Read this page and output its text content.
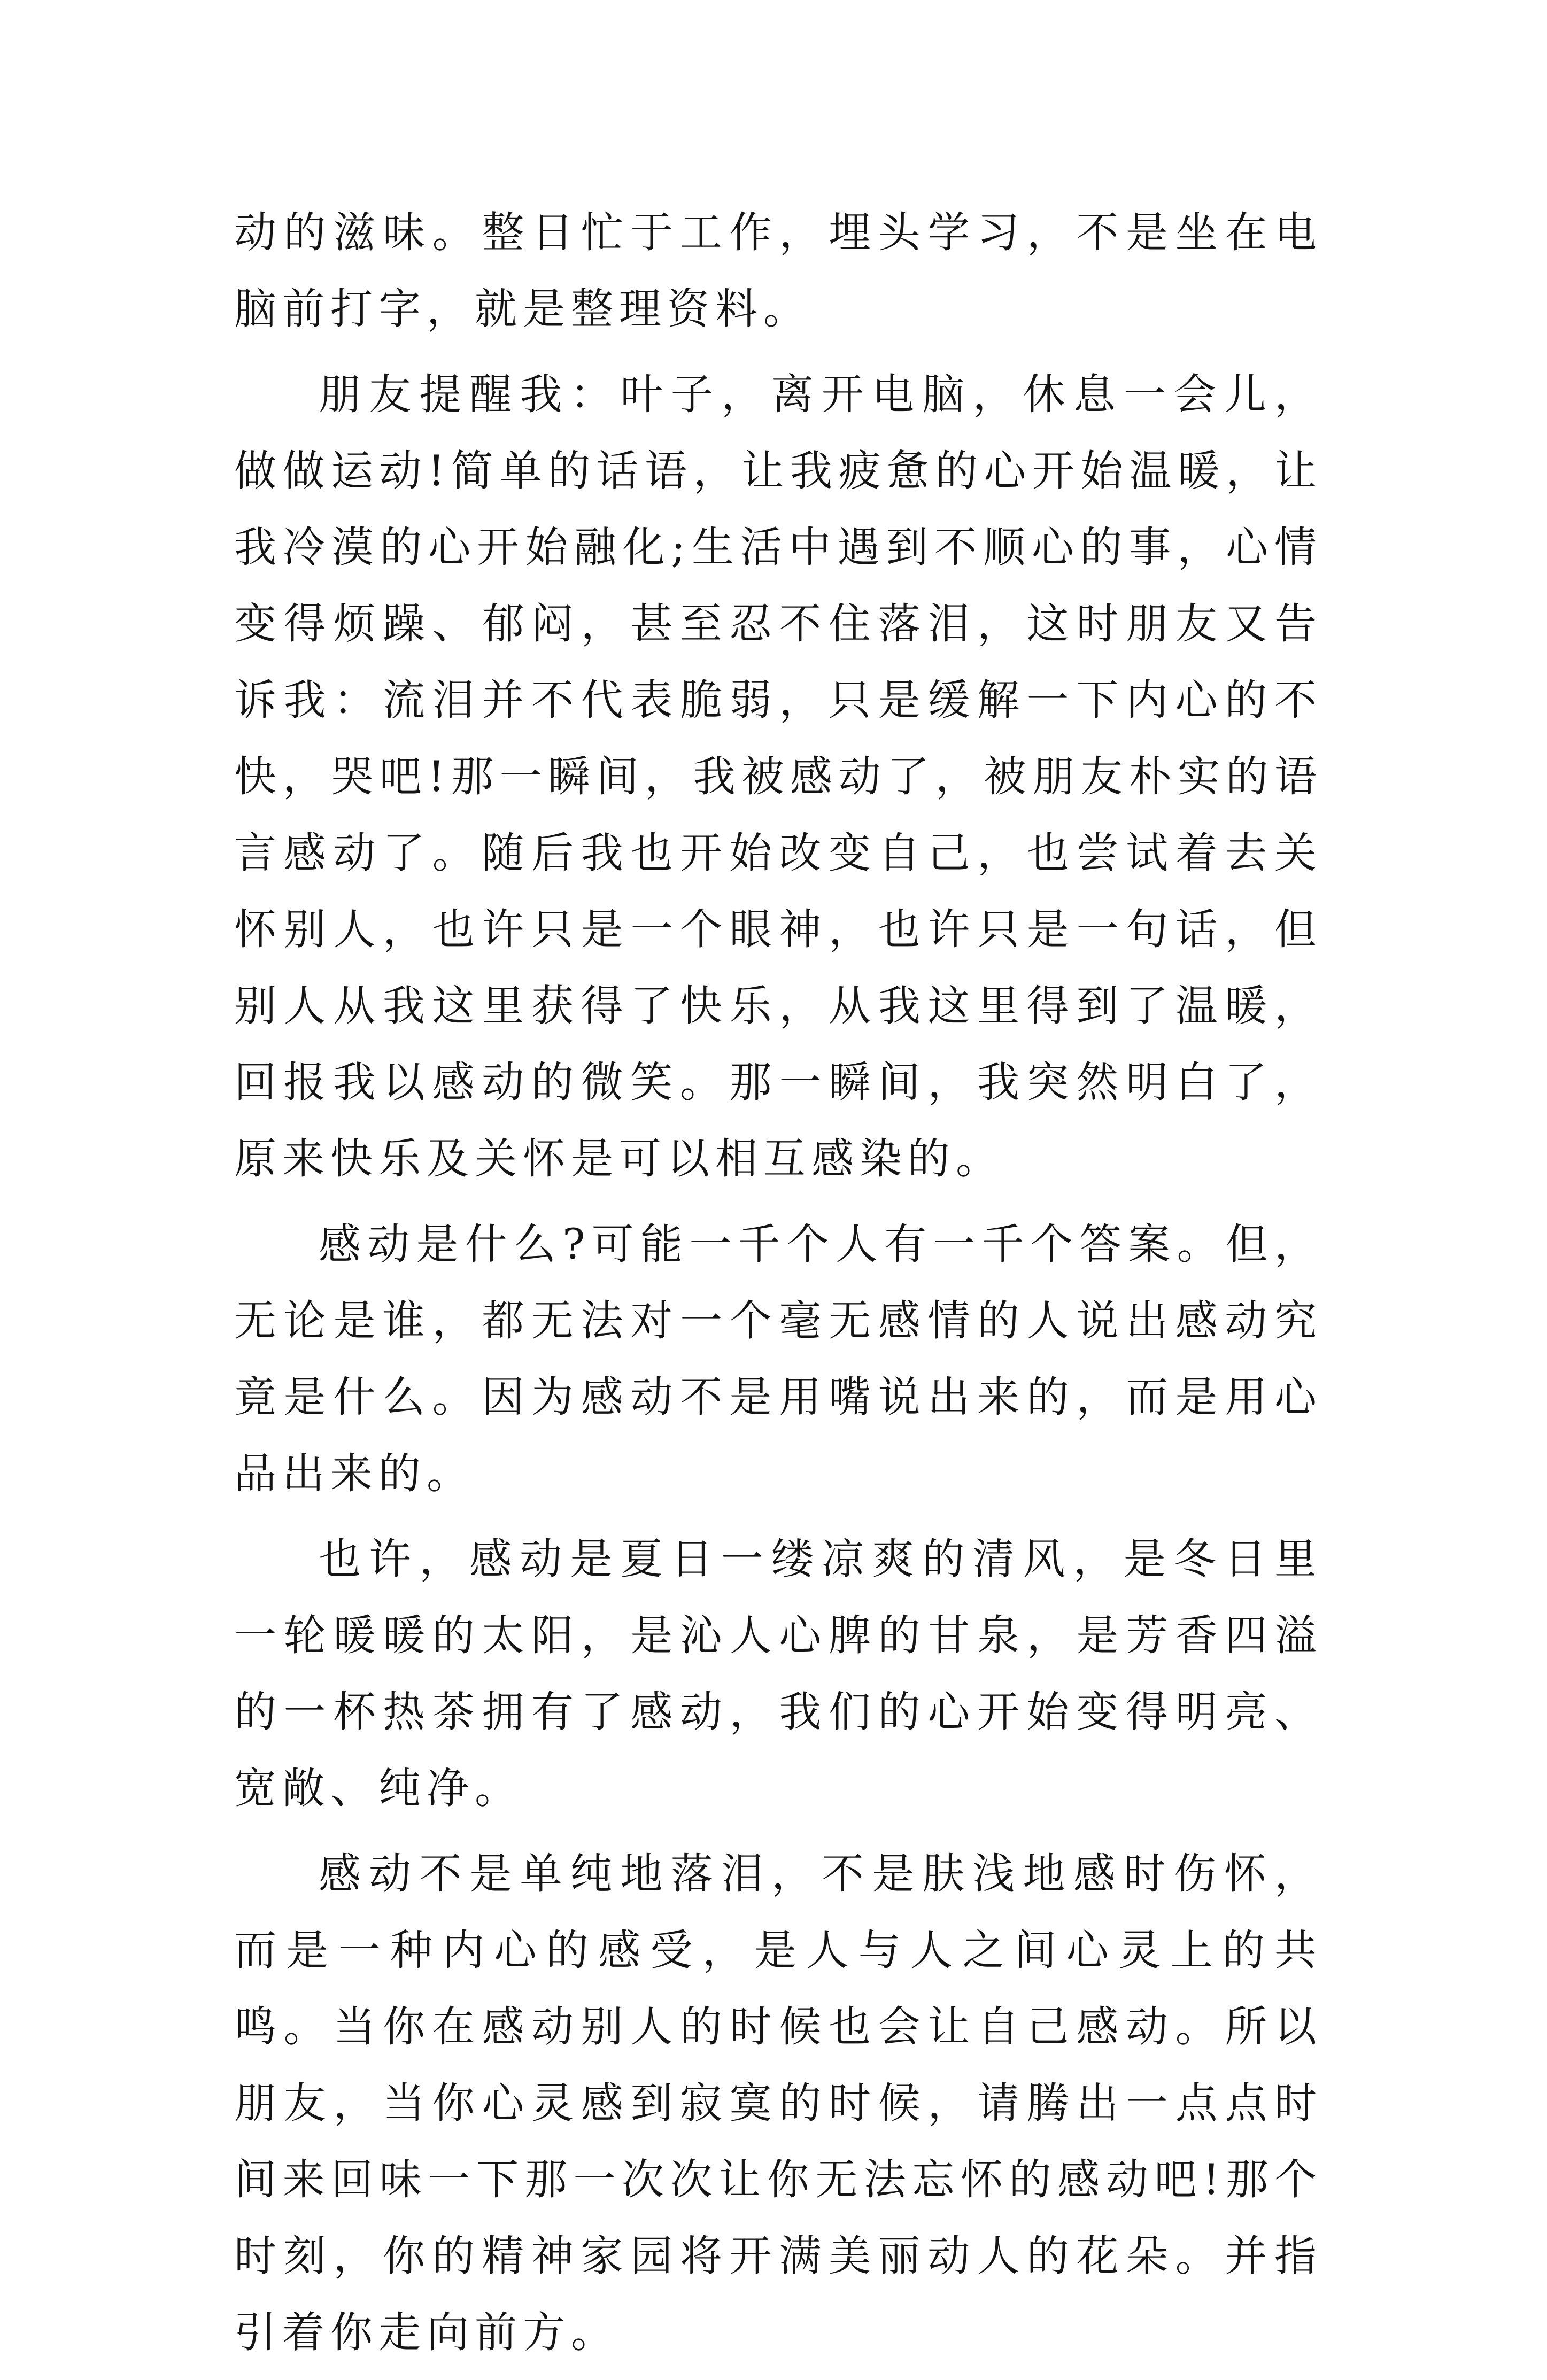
动的滋味。整日忙于工作，埋头学习，不是坐在电脑前打字，就是整理资料。

朋友提醒我：叶子，离开电脑，休息一会儿，做做运动!简单的话语，让我疲惫的心开始温暖，让我冷漠的心开始融化;生活中遇到不顺心的事，心情变得烦躁、郁闷，甚至忍不住落泪，这时朋友又告诉我：流泪并不代表脆弱，只是缓解一下内心的不快，哭吧!那一瞬间，我被感动了，被朋友朴实的语言感动了。随后我也开始改变自己，也尝试着去关怀别人，也许只是一个眼神，也许只是一句话，但别人从我这里获得了快乐，从我这里得到了温暖，回报我以感动的微笑。那一瞬间，我突然明白了，原来快乐及关怀是可以相互感染的。

感动是什么?可能一千个人有一千个答案。但，无论是谁，都无法对一个毫无感情的人说出感动究竟是什么。因为感动不是用嘴说出来的，而是用心品出来的。

也许，感动是夏日一缕凉爽的清风，是冬日里一轮暖暖的太阳，是沁人心脾的甘泉，是芳香四溢的一杯热茶拥有了感动，我们的心开始变得明亮、宽敞、纯净。

感动不是单纯地落泪，不是肤浅地感时伤怀，而是一种内心的感受，是人与人之间心灵上的共鸣。当你在感动别人的时候也会让自己感动。所以朋友，当你心灵感到寂寞的时候，请腾出一点点时间来回味一下那一次次让你无法忘怀的感动吧!那个时刻，你的精神家园将开满美丽动人的花朵。并指引着你走向前方。
